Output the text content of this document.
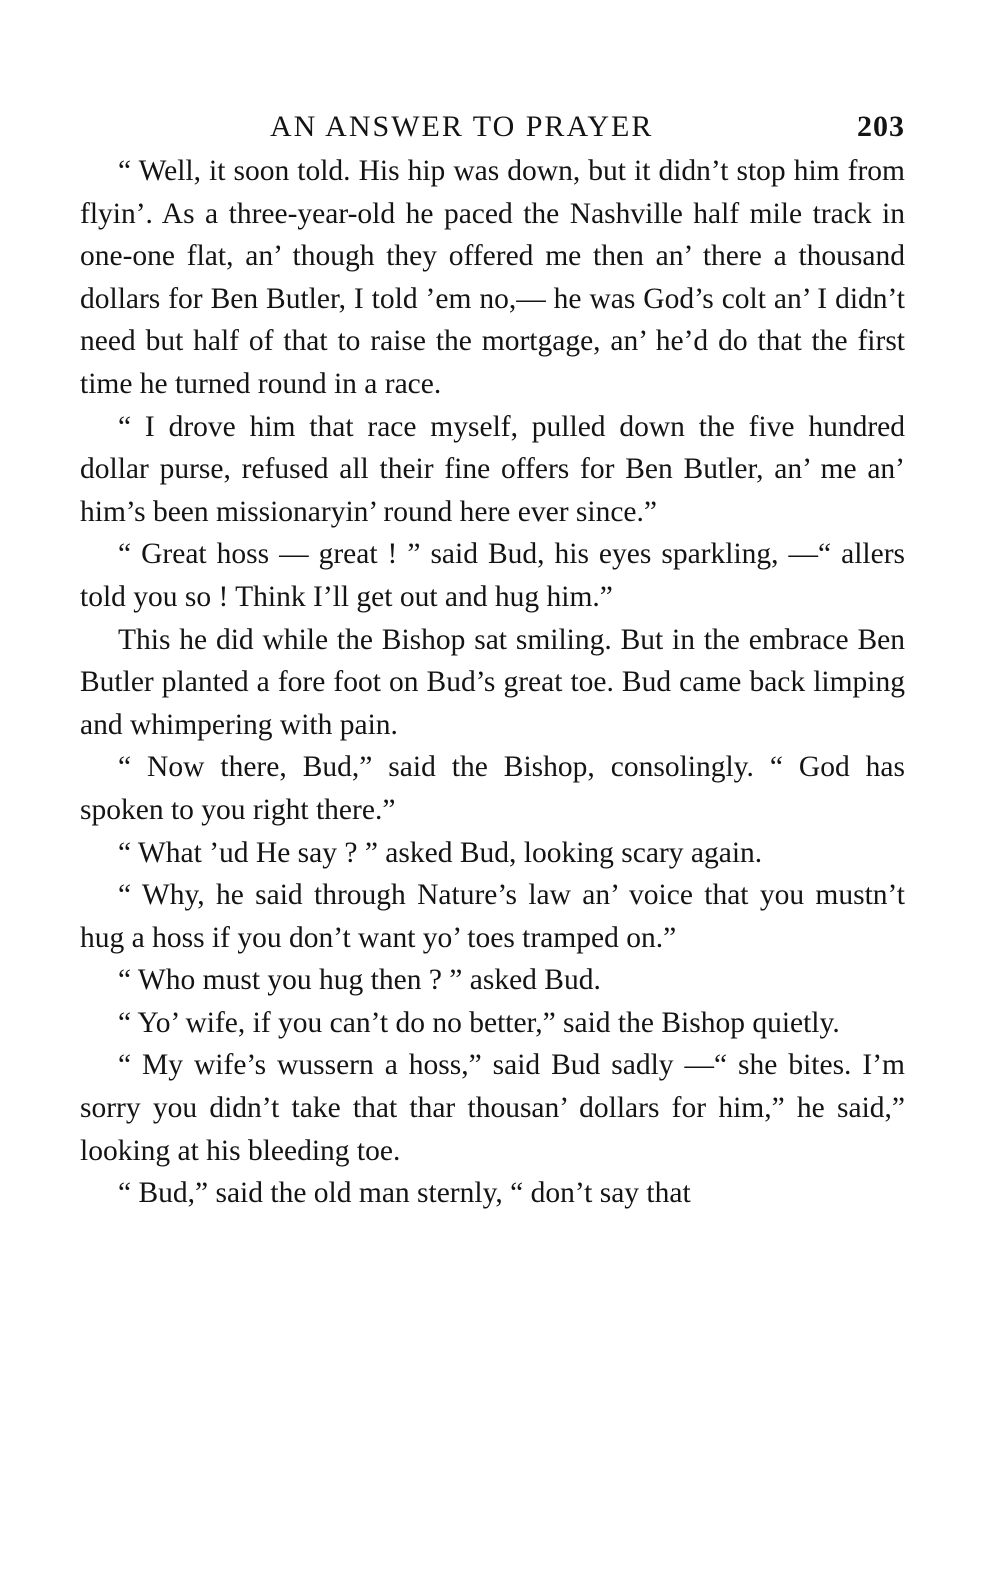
AN ANSWER TO PRAYER	203

“ Well, it soon told. His hip was down, but it didn’t stop him from flyin’. As a three-year-old he paced the Nashville half mile track in one-one flat, an’ though they offered me then an’ there a thousand dollars for Ben Butler, I told ’em no,— he was God’s colt an’ I didn’t need but half of that to raise the mortgage, an’ he’d do that the first time he turned round in a race.

“ I drove him that race myself, pulled down the five hundred dollar purse, refused all their fine offers for Ben Butler, an’ me an’ him’s been missionaryin’ round here ever since.”

“ Great hoss — great ! ” said Bud, his eyes sparkling, —“ allers told you so ! Think I’ll get out and hug him.”

This he did while the Bishop sat smiling. But in the embrace Ben Butler planted a fore foot on Bud’s great toe. Bud came back limping and whimpering with pain.

“ Now there, Bud,” said the Bishop, consolingly. “ God has spoken to you right there.”

“ What ’ud He say ? ” asked Bud, looking scary again.

“ Why, he said through Nature’s law an’ voice that you mustn’t hug a hoss if you don’t want yo’ toes tramped on.”

“ Who must you hug then ? ” asked Bud.

“ Yo’ wife, if you can’t do no better,” said the Bishop quietly.

“ My wife’s wussern a hoss,” said Bud sadly —“ she bites. I’m sorry you didn’t take that thar thousan’ dollars for him,” he said,” looking at his bleeding toe.

“ Bud,” said the old man sternly, “ don’t say that
